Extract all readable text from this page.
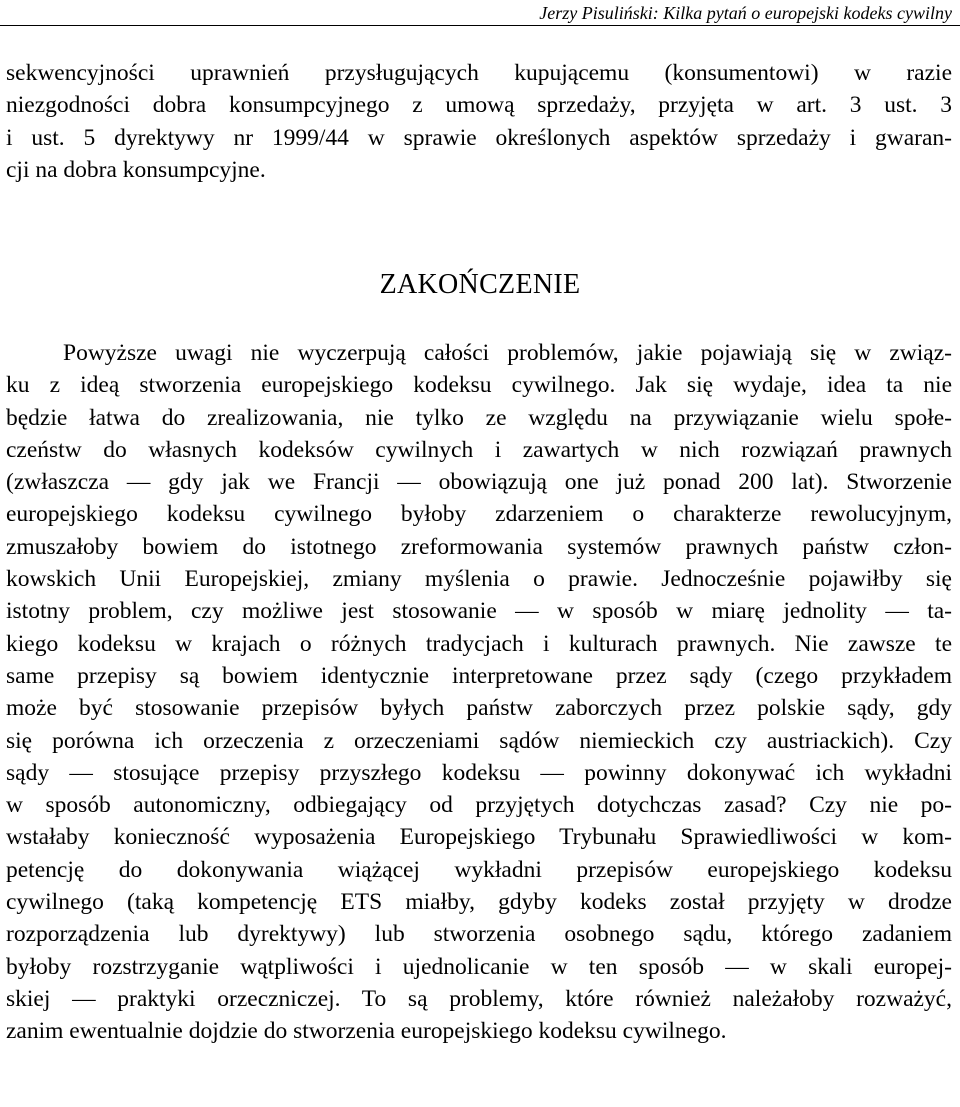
Jerzy Pisuliński: Kilka pytań o europejski kodeks cywilny
sekwencyjności uprawnień przysługujących kupującemu (konsumentowi) w razie
niezgodności dobra konsumpcyjnego z umową sprzedaży, przyjęta w art. 3 ust. 3
i ust. 5 dyrektywy nr 1999/44 w sprawie określonych aspektów sprzedaży i gwaran-
cji na dobra konsumpcyjne.
ZAKOŃCZENIE
Powyższe uwagi nie wyczerpują całości problemów, jakie pojawiają się w związ-
ku z ideą stworzenia europejskiego kodeksu cywilnego. Jak się wydaje, idea ta nie
będzie łatwa do zrealizowania, nie tylko ze względu na przywiązanie wielu społe-
czeństw do własnych kodeksów cywilnych i zawartych w nich rozwiązań prawnych
(zwłaszcza — gdy jak we Francji — obowiązują one już ponad 200 lat). Stworzenie
europejskiego kodeksu cywilnego byłoby zdarzeniem o charakterze rewolucyjnym,
zmuszałoby bowiem do istotnego zreformowania systemów prawnych państw człon-
kowskich Unii Europejskiej, zmiany myślenia o prawie. Jednocześnie pojawiłby się
istotny problem, czy możliwe jest stosowanie — w sposób w miarę jednolity — ta-
kiego kodeksu w krajach o różnych tradycjach i kulturach prawnych. Nie zawsze te
same przepisy są bowiem identycznie interpretowane przez sądy (czego przykładem
może być stosowanie przepisów byłych państw zaborczych przez polskie sądy, gdy
się porówna ich orzeczenia z orzeczeniami sądów niemieckich czy austriackich). Czy
sądy — stosujące przepisy przyszłego kodeksu — powinny dokonywać ich wykładni
w sposób autonomiczny, odbiegający od przyjętych dotychczas zasad? Czy nie po-
wstałaby konieczność wyposażenia Europejskiego Trybunału Sprawiedliwości w kom-
petencję do dokonywania wiążącej wykładni przepisów europejskiego kodeksu
cywilnego (taką kompetencję ETS miałby, gdyby kodeks został przyjęty w drodze
rozporządzenia lub dyrektywy) lub stworzenia osobnego sądu, którego zadaniem
byłoby rozstrzyganie wątpliwości i ujednolicanie w ten sposób — w skali europej-
skiej — praktyki orzeczniczej. To są problemy, które również należałoby rozważyć,
zanim ewentualnie dojdzie do stworzenia europejskiego kodeksu cywilnego.
